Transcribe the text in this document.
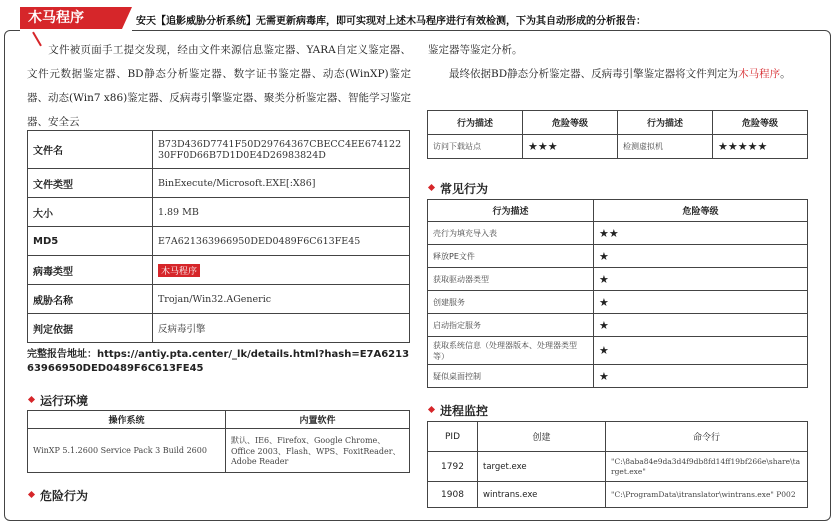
木马程序	安天【追影威胁分析系统】无需更新病毒库，即可实现对上述木马程序进行有效检测，下为其自动形成的分析报告：
  文件被页面手工提交发现，经由文件来源信息鉴定器、YARA自定义鉴定器、文件元数据鉴定器、BD静态分析鉴定器、数字证书鉴定器、动态(WinXP)鉴定器、动态(Win7 x86)鉴定器、反病毒引擎鉴定器、聚类分析鉴定器、智能学习鉴定器、安全云
鉴定器等鉴定分析。
  最终依据BD静态分析鉴定器、反病毒引擎鉴定器将文件判定为木马程序。
文件名	B73D436D7741F50D29764367CBECC4EE67412230FF0D66B7D1D0E4D26983824D
文件类型	BinExecute/Microsoft.EXE[:X86]
大小	1.89 MB
MD5	E7A621363966950DED0489F6C613FE45
病毒类型	木马程序
威胁名称	Trojan/Win32.AGeneric
判定依据	反病毒引擎
完整报告地址：https://antiy.pta.center/_lk/details.html?hash=E7A621363966950DED0489F6C613FE45
运行环境
操作系统	内置软件
WinXP 5.1.2600 Service Pack 3 Build 2600	默认、IE6、Firefox、Google Chrome、Office 2003、Flash、WPS、FoxitReader、Adobe Reader
危险行为
行为描述	危险等级	行为描述	危险等级
访问下载站点	★★★	检测虚拟机	★★★★★
常见行为
行为描述	危险等级
壳行为填充导入表	★★
释放PE文件	★
获取驱动器类型	★
创建服务	★
启动指定服务	★
获取系统信息（处理器版本、处理器类型等）	★
疑似桌面控制	★
进程监控
PID	创建	命令行
1792	target.exe	"C:\8aba84e9da3d4f9db8fd14ff19bf266e\share\target.exe"
1908	wintrans.exe	"C:\ProgramData\itranslator\wintrans.exe" P002
